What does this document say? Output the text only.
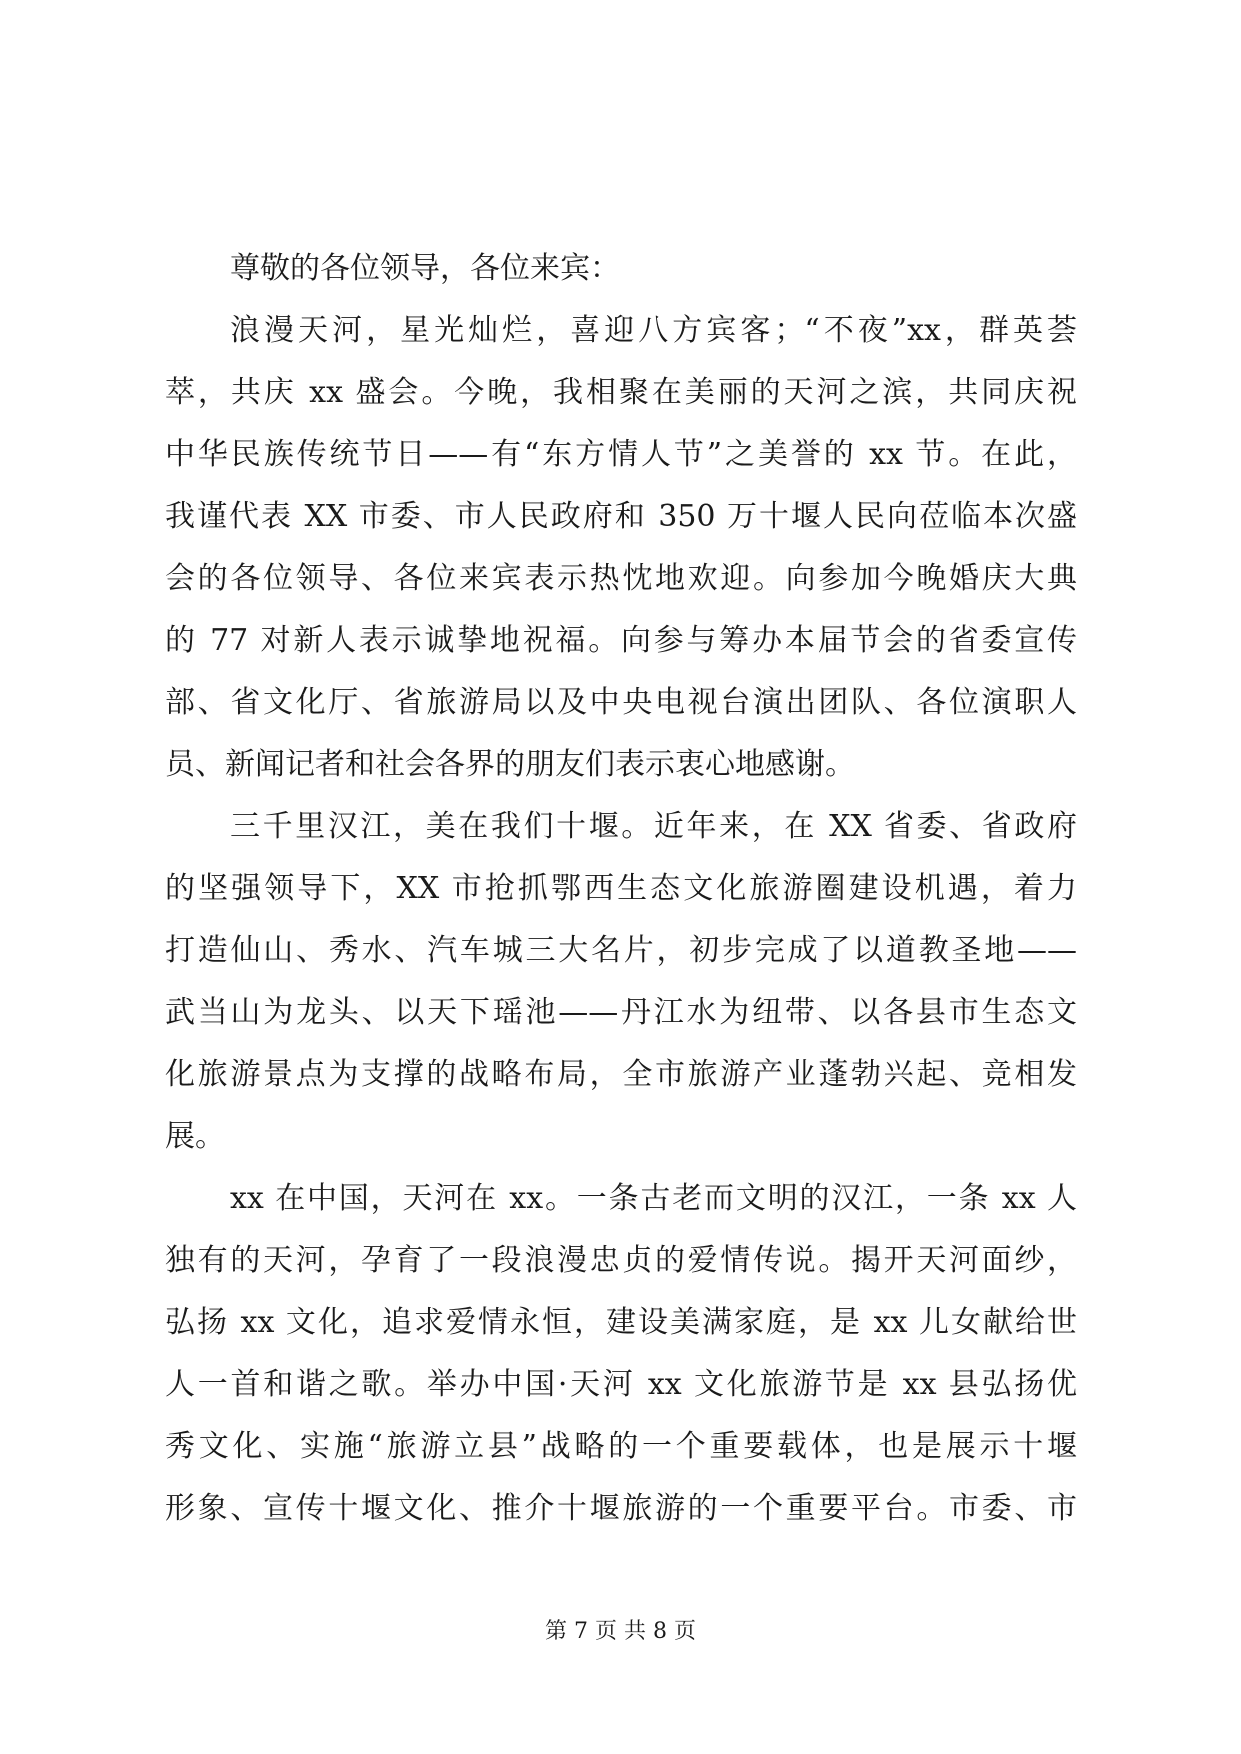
尊敬的各位领导，各位来宾：
浪漫天河，星光灿烂，喜迎八方宾客；“不夜”xx，群英荟
萃，共庆 xx 盛会。今晚，我相聚在美丽的天河之滨，共同庆祝
中华民族传统节日——有“东方情人节”之美誉的 xx 节。在此，
我谨代表 XX 市委、市人民政府和 350 万十堰人民向莅临本次盛
会的各位领导、各位来宾表示热忱地欢迎。向参加今晚婚庆大典
的 77 对新人表示诚挚地祝福。向参与筹办本届节会的省委宣传
部、省文化厅、省旅游局以及中央电视台演出团队、各位演职人
员、新闻记者和社会各界的朋友们表示衷心地感谢。
三千里汉江，美在我们十堰。近年来，在 XX 省委、省政府
的坚强领导下，XX 市抢抓鄂西生态文化旅游圈建设机遇，着力
打造仙山、秀水、汽车城三大名片，初步完成了以道教圣地——
武当山为龙头、以天下瑶池——丹江水为纽带、以各县市生态文
化旅游景点为支撑的战略布局，全市旅游产业蓬勃兴起、竞相发
展。
xx 在中国，天河在 xx。一条古老而文明的汉江，一条 xx 人
独有的天河，孕育了一段浪漫忠贞的爱情传说。揭开天河面纱，
弘扬 xx 文化，追求爱情永恒，建设美满家庭，是 xx 儿女献给世
人一首和谐之歌。举办中国·天河 xx 文化旅游节是 xx 县弘扬优
秀文化、实施“旅游立县”战略的一个重要载体，也是展示十堰
形象、宣传十堰文化、推介十堰旅游的一个重要平台。市委、市
第 7 页 共 8 页
